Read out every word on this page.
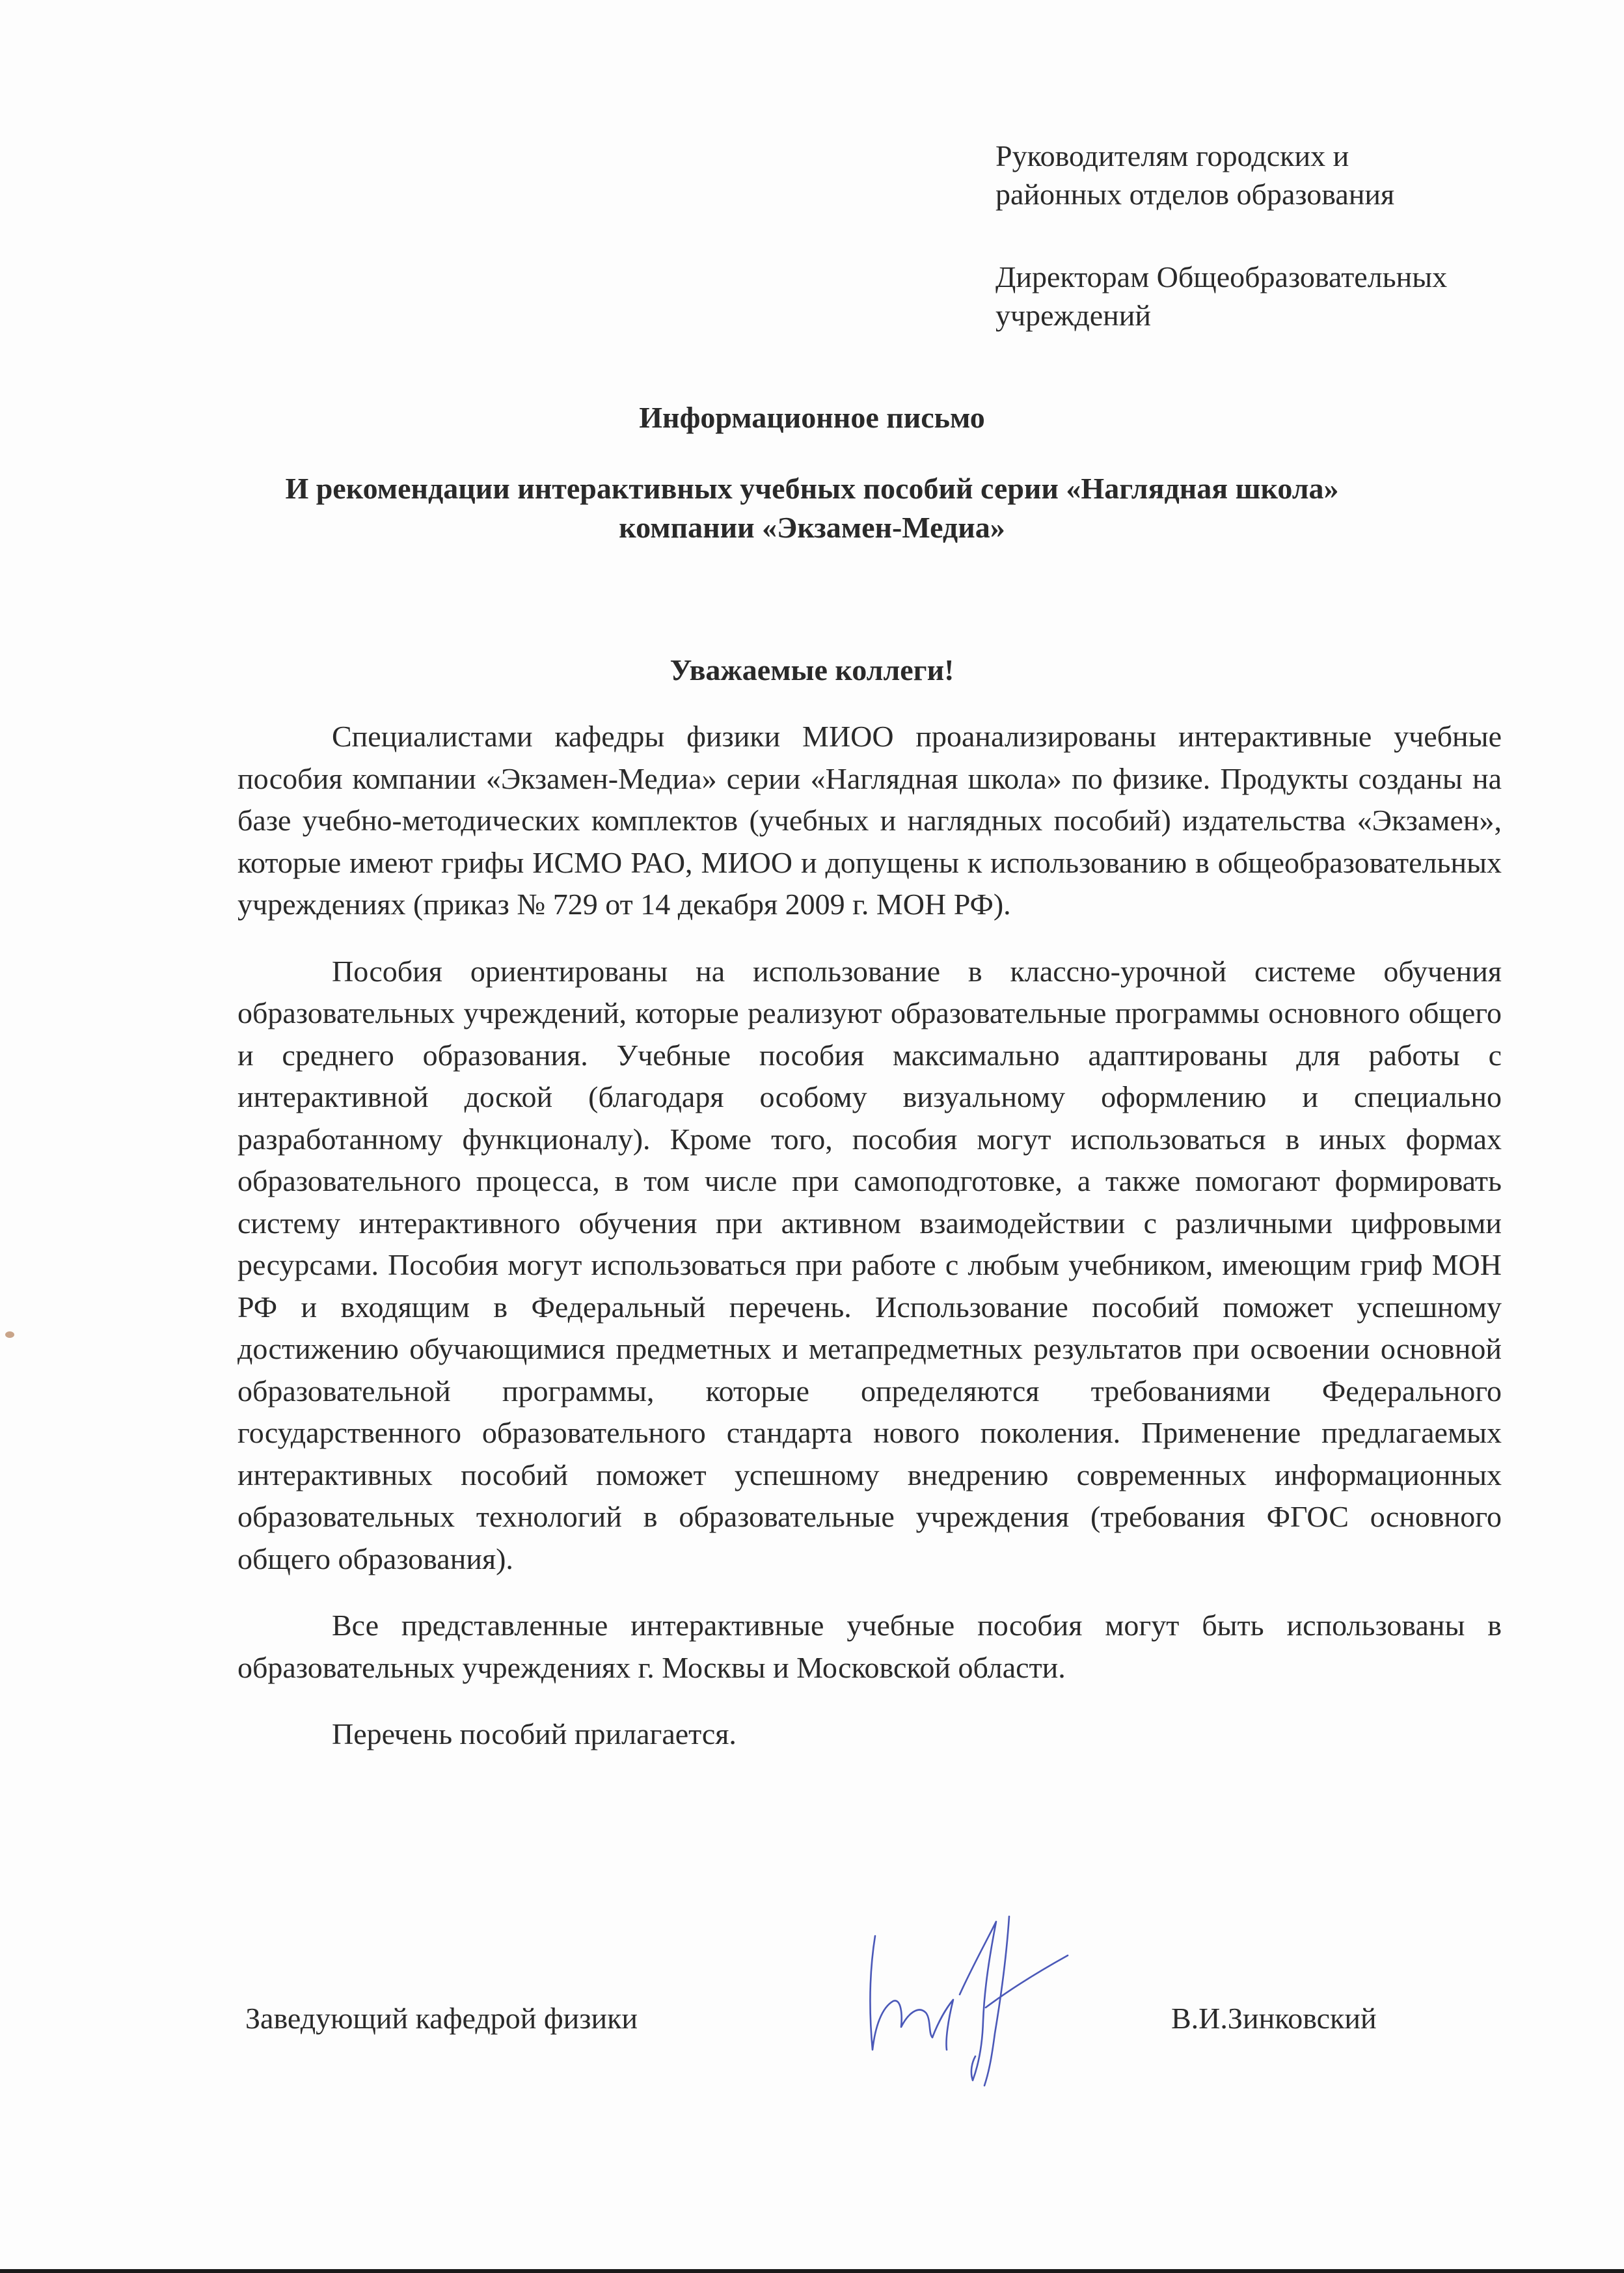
Руководителям городских и
районных отделов образования
Директорам Общеобразовательных
учреждений
Информационное письмо
И рекомендации интерактивных учебных пособий серии «Наглядная школа» компании «Экзамен-Медиа»
Уважаемые коллеги!

Специалистами кафедры физики МИОО проанализированы интерактивные учебные пособия компании «Экзамен-Медиа» серии «Наглядная школа» по физике. Продукты созданы на базе учебно-методических комплектов (учебных и наглядных пособий) издательства «Экзамен», которые имеют грифы ИСМО РАО, МИОО и допущены к использованию в общеобразовательных учреждениях (приказ № 729 от 14 декабря 2009 г. МОН РФ).

Пособия ориентированы на использование в классно-урочной системе обучения образовательных учреждений, которые реализуют образовательные программы основного общего и среднего образования. Учебные пособия максимально адаптированы для работы с интерактивной доской (благодаря особому визуальному оформлению и специально разработанному функционалу). Кроме того, пособия могут использоваться в иных формах образовательного процесса, в том числе при самоподготовке, а также помогают формировать систему интерактивного обучения при активном взаимодействии с различными цифровыми ресурсами. Пособия могут использоваться при работе с любым учебником, имеющим гриф МОН РФ и входящим в Федеральный перечень. Использование пособий поможет успешному достижению обучающимися предметных и метапредметных результатов при освоении основной образовательной программы, которые определяются требованиями Федерального государственного образовательного стандарта нового поколения. Применение предлагаемых интерактивных пособий поможет успешному внедрению современных информационных образовательных технологий в образовательные учреждения (требования ФГОС основного общего образования).

Все представленные интерактивные учебные пособия могут быть использованы в образовательных учреждениях г. Москвы и Московской области.

Перечень пособий прилагается.

Заведующий кафедрой физики	В.И.Зинковский
